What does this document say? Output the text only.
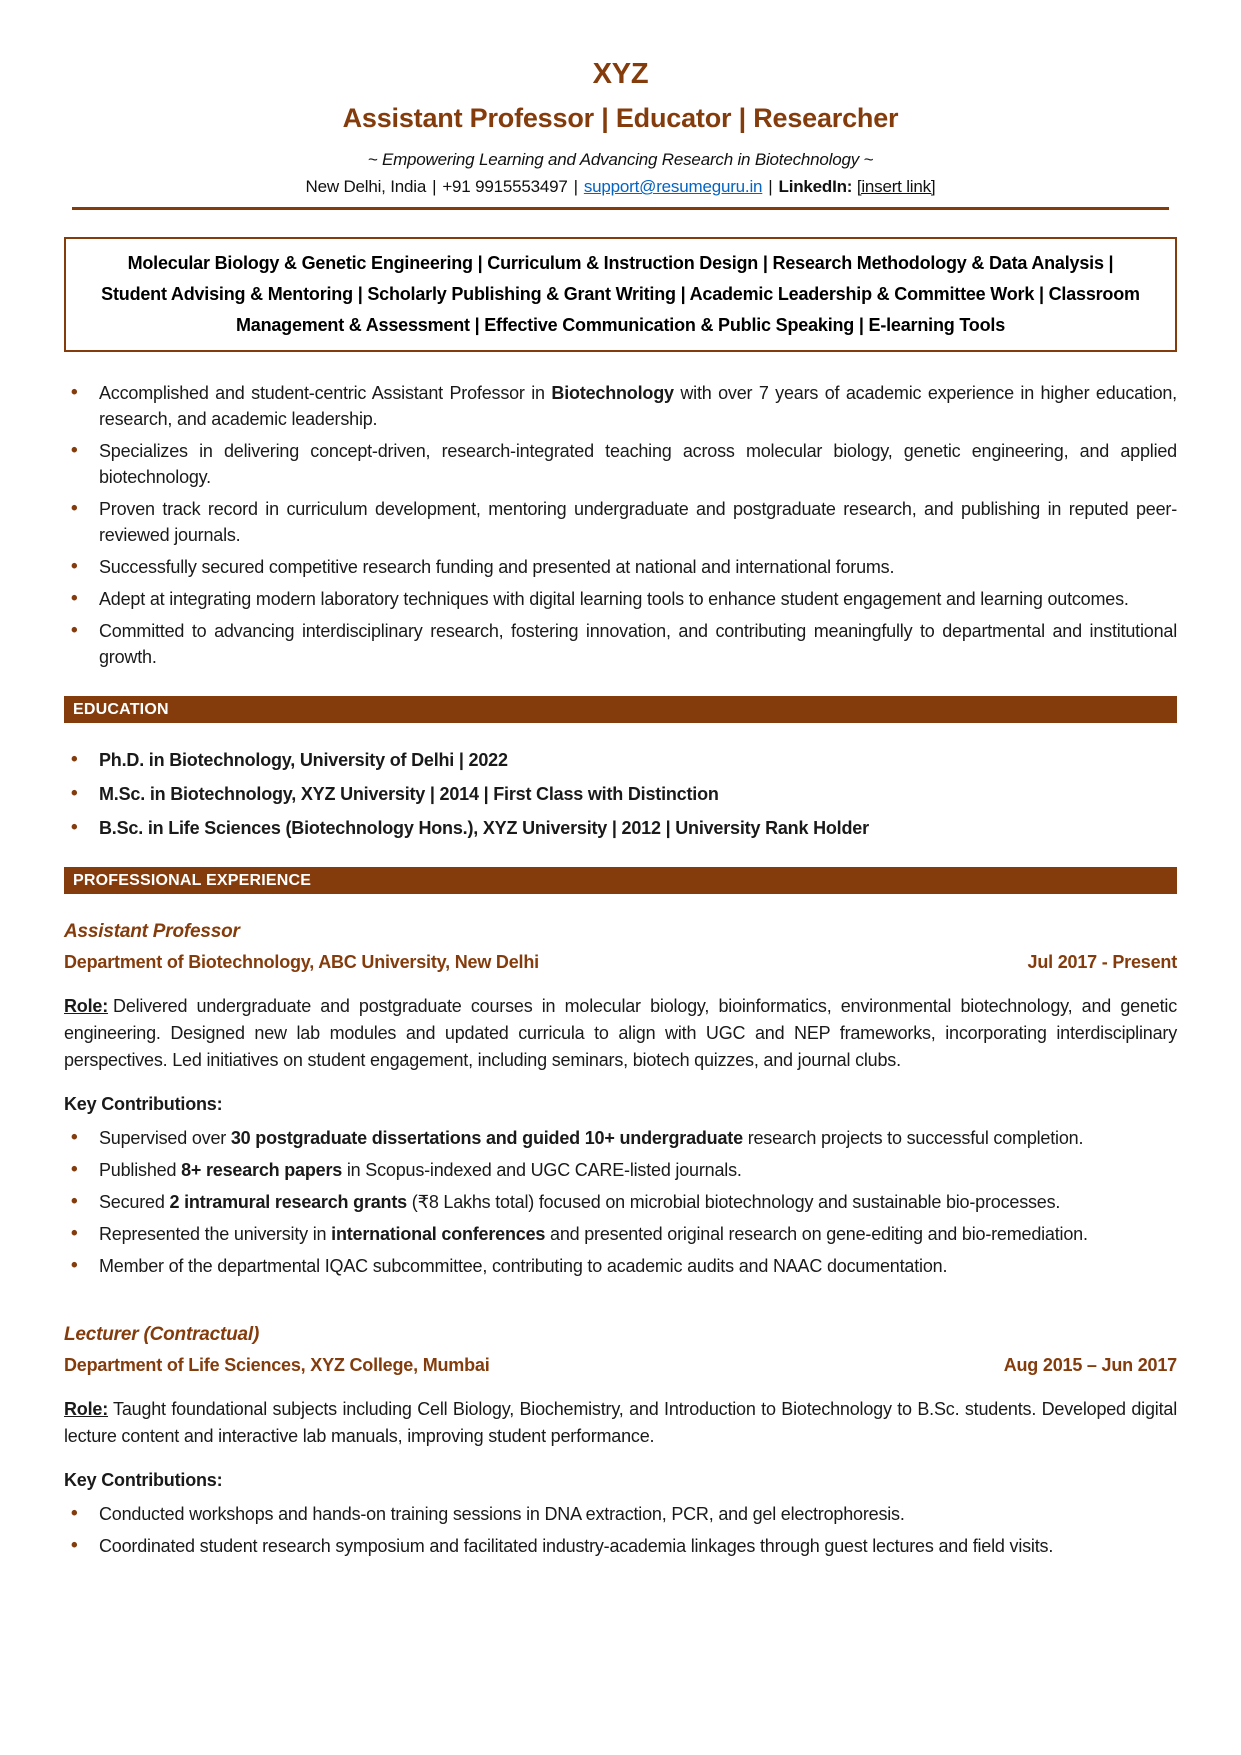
XYZ
Assistant Professor | Educator | Researcher
~ Empowering Learning and Advancing Research in Biotechnology ~
New Delhi, India | +91 9915553497 | support@resumeguru.in | LinkedIn: [insert link]
Molecular Biology & Genetic Engineering | Curriculum & Instruction Design | Research Methodology & Data Analysis | Student Advising & Mentoring | Scholarly Publishing & Grant Writing | Academic Leadership & Committee Work | Classroom Management & Assessment | Effective Communication & Public Speaking | E-learning Tools
• Accomplished and student-centric Assistant Professor in Biotechnology with over 7 years of academic experience in higher education, research, and academic leadership.
• Specializes in delivering concept-driven, research-integrated teaching across molecular biology, genetic engineering, and applied biotechnology.
• Proven track record in curriculum development, mentoring undergraduate and postgraduate research, and publishing in reputed peer-reviewed journals.
• Successfully secured competitive research funding and presented at national and international forums.
• Adept at integrating modern laboratory techniques with digital learning tools to enhance student engagement and learning outcomes.
• Committed to advancing interdisciplinary research, fostering innovation, and contributing meaningfully to departmental and institutional growth.
EDUCATION
• Ph.D. in Biotechnology, University of Delhi | 2022
• M.Sc. in Biotechnology, XYZ University | 2014 | First Class with Distinction
• B.Sc. in Life Sciences (Biotechnology Hons.), XYZ University | 2012 | University Rank Holder
PROFESSIONAL EXPERIENCE
Assistant Professor
Department of Biotechnology, ABC University, New Delhi	Jul 2017 - Present

Role: Delivered undergraduate and postgraduate courses in molecular biology, bioinformatics, environmental biotechnology, and genetic engineering. Designed new lab modules and updated curricula to align with UGC and NEP frameworks, incorporating interdisciplinary perspectives. Led initiatives on student engagement, including seminars, biotech quizzes, and journal clubs.

Key Contributions:
• Supervised over 30 postgraduate dissertations and guided 10+ undergraduate research projects to successful completion.
• Published 8+ research papers in Scopus-indexed and UGC CARE-listed journals.
• Secured 2 intramural research grants (₹8 Lakhs total) focused on microbial biotechnology and sustainable bio-processes.
• Represented the university in international conferences and presented original research on gene-editing and bio-remediation.
• Member of the departmental IQAC subcommittee, contributing to academic audits and NAAC documentation.
Lecturer (Contractual)
Department of Life Sciences, XYZ College, Mumbai	Aug 2015 – Jun 2017

Role: Taught foundational subjects including Cell Biology, Biochemistry, and Introduction to Biotechnology to B.Sc. students. Developed digital lecture content and interactive lab manuals, improving student performance.

Key Contributions:
• Conducted workshops and hands-on training sessions in DNA extraction, PCR, and gel electrophoresis.
• Coordinated student research symposium and facilitated industry-academia linkages through guest lectures and field visits.
